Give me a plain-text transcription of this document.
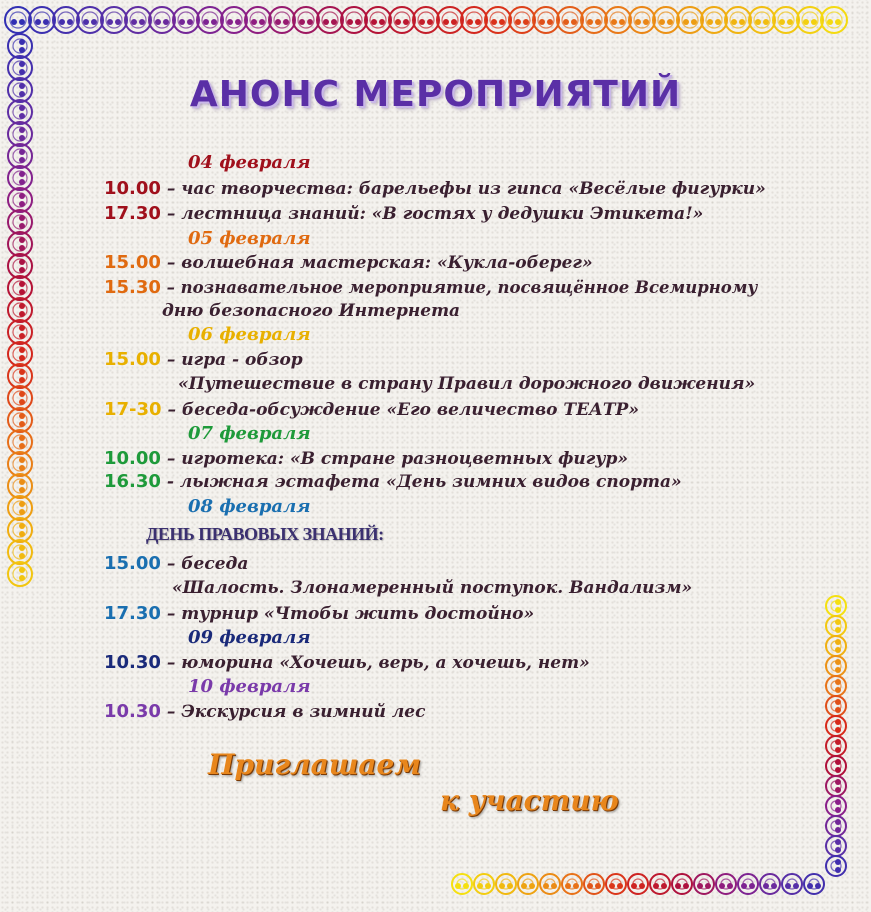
АНОНС МЕРОПРИЯТИЙ
04 февраля
05 февраля
06 февраля
07 февраля
08 февраля
09 февраля
10 февраля
ДЕНЬ ПРАВОВЫХ ЗНАНИЙ:
10.00 – час творчества: барельефы из гипса «Весёлые фигурки»
17.30 – лестница знаний: «В гостях у дедушки Этикета!»
15.00 – волшебная мастерская: «Кукла-оберег»
15.30 – познавательное мероприятие, посвящённое Всемирному
дню безопасного Интернета
15.00 – игра - обзор
«Путешествие в страну Правил дорожного движения»
17-30 – беседа-обсуждение «Его величество ТЕАТР»
10.00 – игротека: «В стране разноцветных фигур»
16.30 - лыжная эстафета «День зимних видов спорта»
15.00 – беседа
«Шалость. Злонамеренный поступок. Вандализм»
17.30 – турнир «Чтобы жить достойно»
10.30 – юморина «Хочешь, верь, а хочешь, нет»
10.30 – Экскурсия в зимний лес
Приглашаем
к участию
